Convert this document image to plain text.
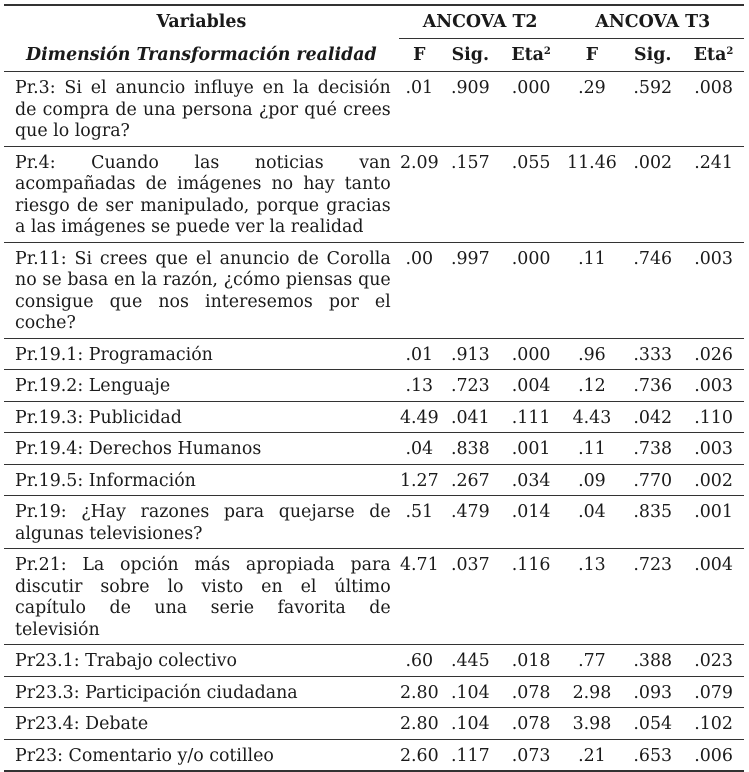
Variables	ANCOVA T2			ANCOVA T3		
Dimensión Transformación realidad	F	Sig.	Eta$^2$	F	Sig.	Eta$^2$

Pr.3: Si el anuncio influye en la decisión de compra de una persona ¿por qué crees que lo logra?	.01	.909	.000	.29	.592	.008

Pr.4: Cuando las noticias van acompañadas de imágenes no hay tanto riesgo de ser manipulado, porque gracias a las imágenes se puede ver la realidad	2.09	.157	.055	11.46	.002	.241

Pr.11: Si crees que el anuncio de Corolla no se basa en la razón, ¿cómo piensas que consigue que nos interesemos por el coche?	.00	.997	.000	.11	.746	.003

Pr.19.1: Programación	.01	.913	.000	.96	.333	.026

Pr.19.2: Lenguaje	.13	.723	.004	.12	.736	.003

Pr.19.3: Publicidad	4.49	.041	.111	4.43	.042	.110

Pr.19.4: Derechos Humanos	.04	.838	.001	.11	.738	.003

Pr.19.5: Información	1.27	.267	.034	.09	.770	.002

Pr.19: ¿Hay razones para quejarse de algunas televisiones?	.51	.479	.014	.04	.835	.001

Pr.21: La opción más apropiada para discutir sobre lo visto en el último capítulo de una serie favorita de televisión	4.71	.037	.116	.13	.723	.004

Pr23.1: Trabajo colectivo	.60	.445	.018	.77	.388	.023

Pr23.3: Participación ciudadana	2.80	.104	.078	2.98	.093	.079

Pr23.4: Debate	2.80	.104	.078	3.98	.054	.102

Pr23: Comentario y/o cotilleo	2.60	.117	.073	.21	.653	.006
